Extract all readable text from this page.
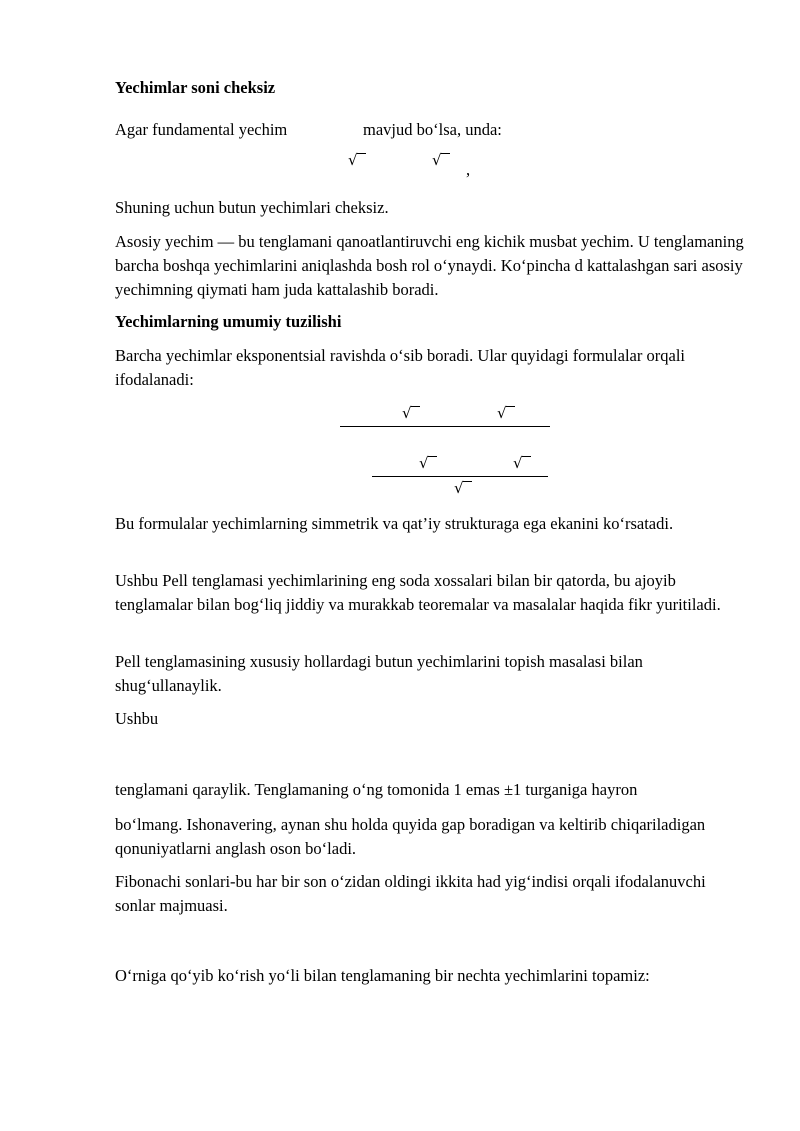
Yechimlar soni cheksiz

Agar fundamental yechim	mavjud bo‘lsa, unda:
√	√ ,

Shuning uchun butun yechimlari cheksiz.

Asosiy yechim — bu tenglamani qanoatlantiruvchi eng kichik musbat yechim. U tenglamaning barcha boshqa yechimlarini aniqlashda bosh rol o‘ynaydi. Ko‘pincha d kattalashgan sari asosiy yechimning qiymati ham juda kattalashib boradi.

Yechimlarning umumiy tuzilishi

Barcha yechimlar eksponentsial ravishda o‘sib boradi. Ular quyidagi formulalar orqali ifodalanadi:

√	√
√	√
√

Bu formulalar yechimlarning simmetrik va qat’iy strukturaga ega ekanini ko‘rsatadi.

Ushbu Pell tenglamasi yechimlarining eng soda xossalari bilan bir qatorda, bu ajoyib tenglamalar bilan bog‘liq jiddiy va murakkab teoremalar va masalalar haqida fikr yuritiladi.

Pell tenglamasining xususiy hollardagi butun yechimlarini topish masalasi bilan shug‘ullanaylik.

Ushbu

tenglamani qaraylik. Tenglamaning o‘ng tomonida 1 emas ±1 turganiga hayron

bo‘lmang. Ishonavering, aynan shu holda quyida gap boradigan va keltirib chiqariladigan qonuniyatlarni anglash oson bo‘ladi.

Fibonachi sonlari-bu har bir son o‘zidan oldingi ikkita had yig‘indisi orqali ifodalanuvchi sonlar majmuasi.

O‘rniga qo‘yib ko‘rish yo‘li bilan tenglamaning bir nechta yechimlarini topamiz:
